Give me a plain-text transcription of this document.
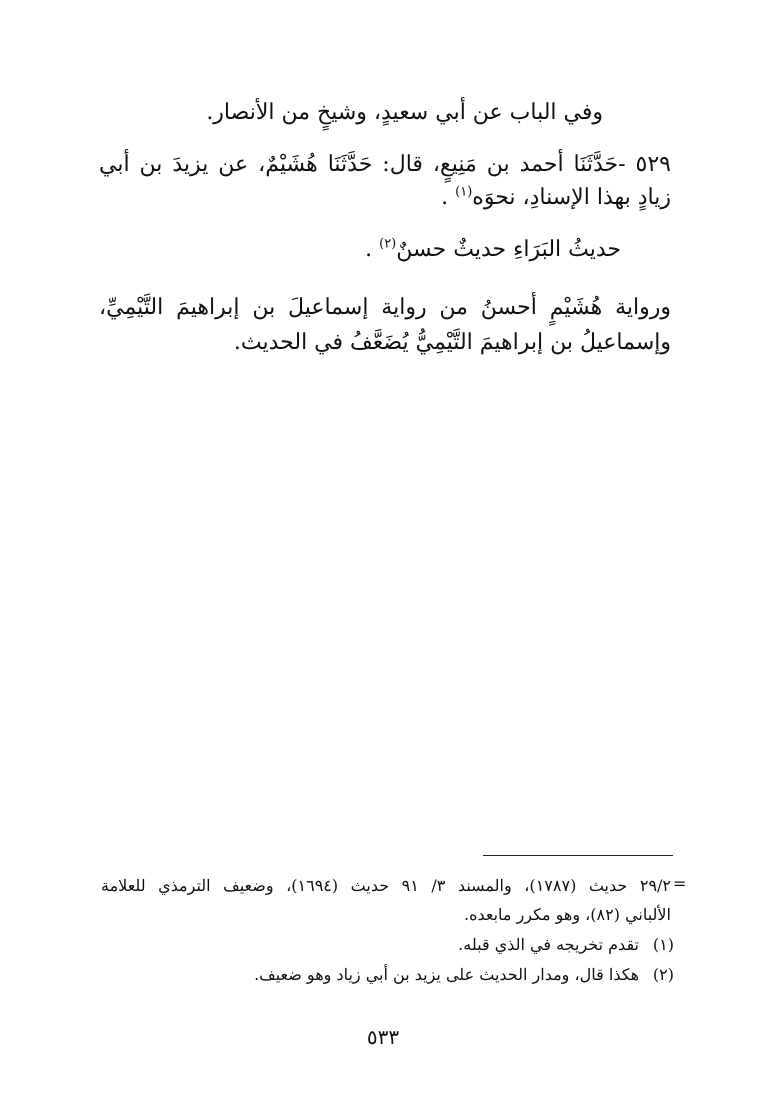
وفي الباب عن أبي سعيدٍ، وشيخٍ من الأنصار.
٥٢٩ -حَدَّثَنَا أحمد بن مَنِيعٍ، قال: حَدَّثَنَا هُشَيْمٌ، عن يزيدَ بن أبي
زيادٍ بهذا الإسنادِ، نحوَه$^{(١)}$ .
حديثُ البَرَاءِ حديثٌ حسنٌ$^{(٢)}$ .
ورواية هُشَيْمٍ أحسنُ من رواية إسماعيلَ بن إبراهيمَ التَّيْمِيِّ،
وإسماعيلُ بن إبراهيمَ التَّيْمِيُّ يُضَعَّفُ في الحديث.
=
٢٩/٢ حديث (١٧٨٧)، والمسند ٣/ ٩١ حديث (١٦٩٤)، وضعيف الترمذي للعلامة
الألباني (٨٢)، وهو مكرر مابعده.
(١)
تقدم تخريجه في الذي قبله.
(٢)
هكذا قال، ومدار الحديث على يزيد بن أبي زياد وهو ضعيف.
٥٣٣
